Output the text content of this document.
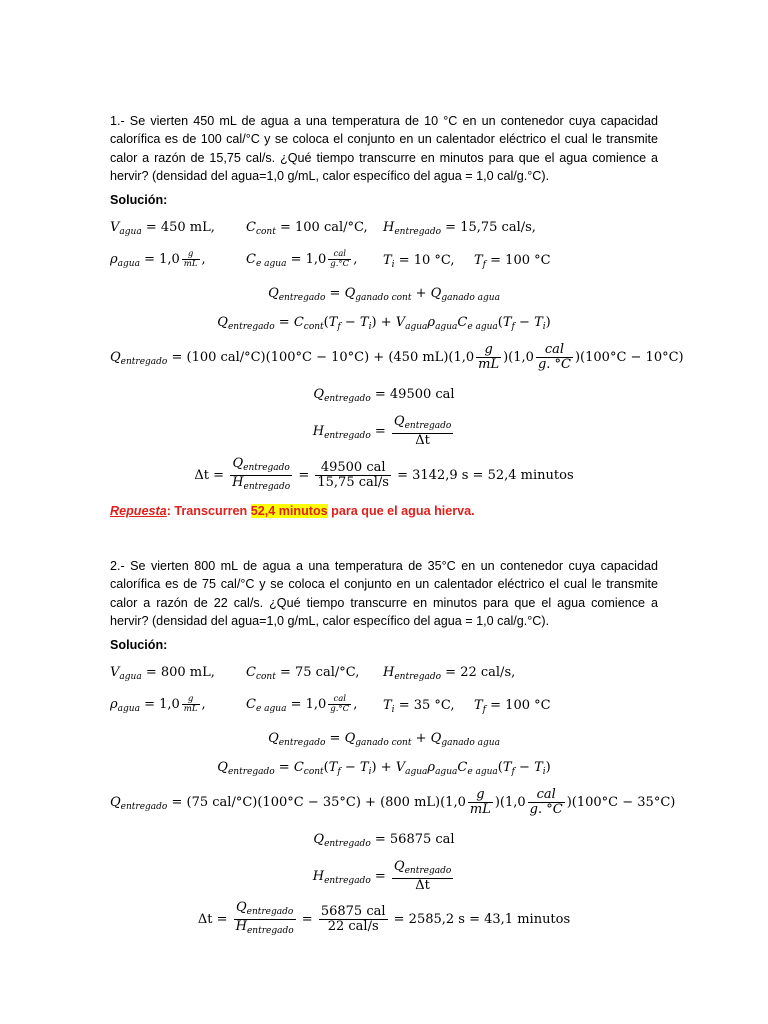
1.- Se vierten 450 mL de agua a una temperatura de 10 °C en un contenedor cuya capacidad calorífica es de 100 cal/°C y se coloca el conjunto en un calentador eléctrico el cual le transmite calor a razón de 15,75 cal/s. ¿Qué tiempo transcurre en minutos para que el agua comience a hervir? (densidad del agua=1,0 g/mL, calor específico del agua = 1,0 cal/g.°C).
Solución:
$V_{agua} = 450$ mL, $C_{cont} = 100$ cal/°C, $H_{entregado} = 15,75$ cal/s,
$\rho_{agua} = 1,0 \frac{g}{mL}$ ,	$C_{e agua} = 1,0 \frac{\text{cal}}{g.^\circ C}$ , $T_i = 10$ °C, $T_f = 100$ °C
$Q_{entregado} = Q_{ganado cont} + Q_{ganado agua}$
$Q_{entregado} = C_{cont}(T_f - T_i) + V_{agua}\rho_{agua}C_{e agua}(T_f - T_i)$
$Q_{entregado} = (100$ cal/°C)(100°C − 10°C) + (450 $mL)(1,0 \frac{g}{mL} )(1,0 \frac{\text{cal}}{g. ^\circ C} )(100^\circ C - 10^\circ C)$
$Q_{entregado} = 49500$ cal
$H_{entregado} = \frac{Q_{entregado}}{\Delta t}$
$\Delta t = \frac{Q_{entregado}}{H_{entregado}} = \frac{\text{49500 cal}}{\text{15,75 cal/s}} = 3142,9$ s = 52,4 minutos
Repuesta: Transcurren 52,4 minutos para que el agua hierva.
2.- Se vierten 800 mL de agua a una temperatura de 35°C en un contenedor cuya capacidad calorífica es de 75 cal/°C y se coloca el conjunto en un calentador eléctrico el cual le transmite calor a razón de 22 cal/s. ¿Qué tiempo transcurre en minutos para que el agua comience a hervir? (densidad del agua=1,0 g/mL, calor específico del agua = 1,0 cal/g.°C).
Solución:
$V_{agua} = 800$ mL, $C_{cont} = 75$ cal/°C, $H_{entregado} = 22$ cal/s,
$\rho_{agua} = 1,0 \frac{g}{mL}$ ,	$C_{e agua} = 1,0 \frac{\text{cal}}{g.^\circ C}$ , $T_i = 35$ °C, $T_f = 100$ °C
$Q_{entregado} = Q_{ganado cont} + Q_{ganado agua}$
$Q_{entregado} = C_{cont}(T_f - T_i) + V_{agua}\rho_{agua}C_{e agua}(T_f - T_i)$
$Q_{entregado} = (75$ cal/°C)(100°C − 35°C) + (800 $mL)(1,0 \frac{g}{mL} )(1,0 \frac{\text{cal}}{g. ^\circ C} )(100^\circ C - 35^\circ C)$
$Q_{entregado} = 56875$ cal
$H_{entregado} = \frac{Q_{entregado}}{\Delta t}$
$\Delta t = \frac{Q_{entregado}}{H_{entregado}} = \frac{\text{56875 cal}}{\text{22 cal/s}} = 2585,2$ s = 43,1 minutos
